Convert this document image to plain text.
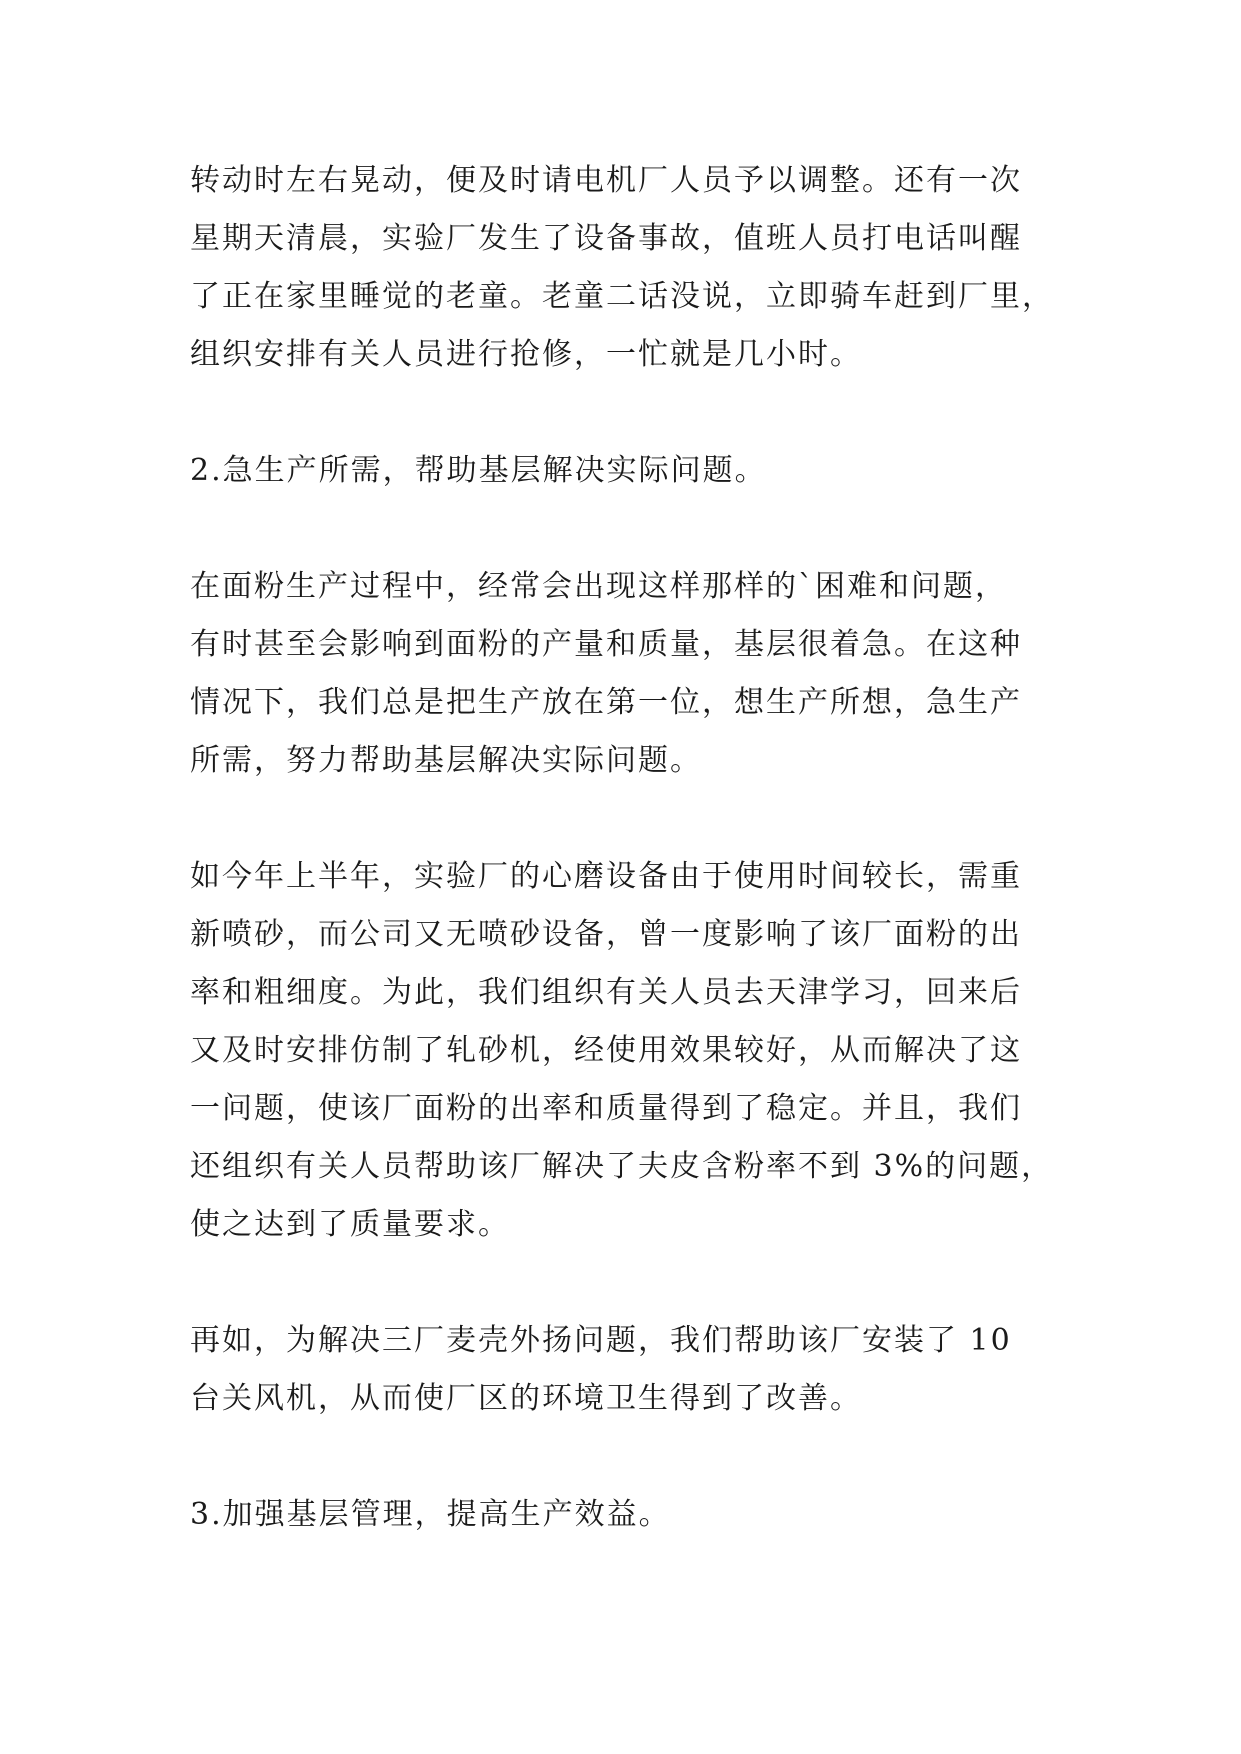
转动时左右晃动，便及时请电机厂人员予以调整。还有一次
星期天清晨，实验厂发生了设备事故，值班人员打电话叫醒
了正在家里睡觉的老童。老童二话没说，立即骑车赶到厂里，
组织安排有关人员进行抢修，一忙就是几小时。
2.急生产所需，帮助基层解决实际问题。
在面粉生产过程中，经常会出现这样那样的`困难和问题，
有时甚至会影响到面粉的产量和质量，基层很着急。在这种
情况下，我们总是把生产放在第一位，想生产所想，急生产
所需，努力帮助基层解决实际问题。
如今年上半年，实验厂的心磨设备由于使用时间较长，需重
新喷砂，而公司又无喷砂设备，曾一度影响了该厂面粉的出
率和粗细度。为此，我们组织有关人员去天津学习，回来后
又及时安排仿制了轧砂机，经使用效果较好，从而解决了这
一问题，使该厂面粉的出率和质量得到了稳定。并且，我们
还组织有关人员帮助该厂解决了夫皮含粉率不到 3%的问题，
使之达到了质量要求。
再如，为解决三厂麦壳外扬问题，我们帮助该厂安装了 10
台关风机，从而使厂区的环境卫生得到了改善。
3.加强基层管理，提高生产效益。
